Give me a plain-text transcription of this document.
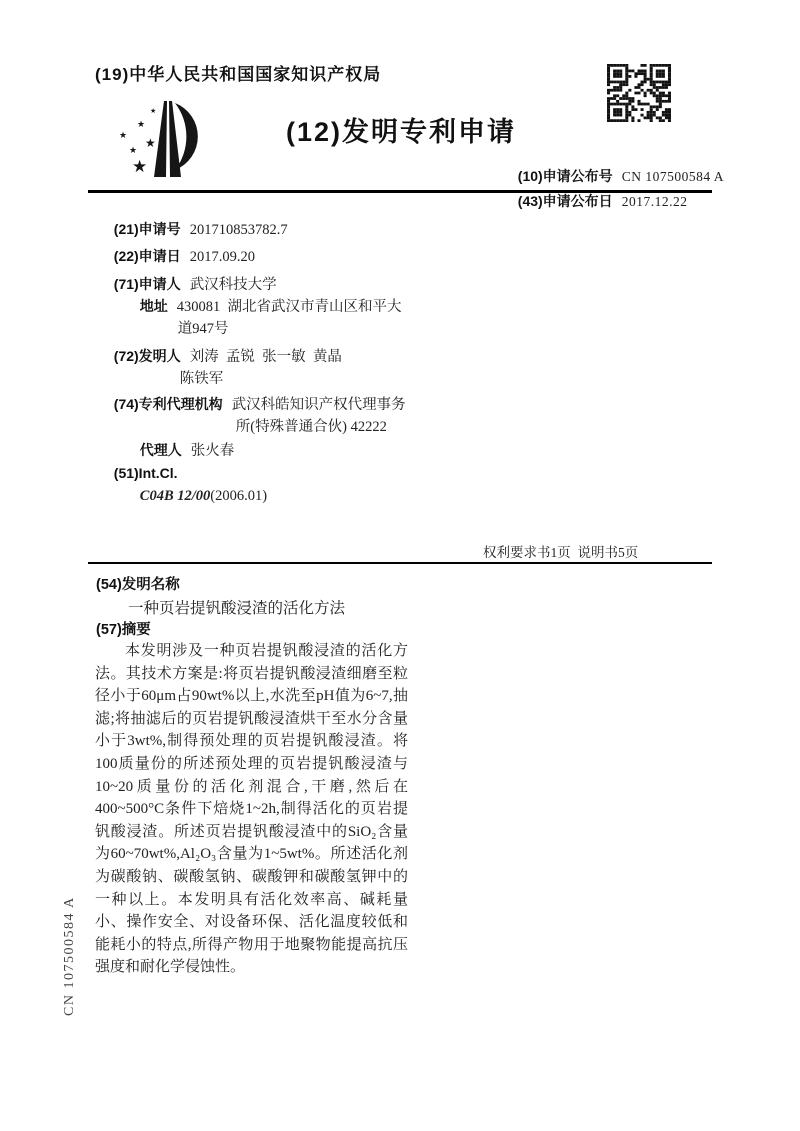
(19)中华人民共和国国家知识产权局
★
★
★
★
★
★
(12)发明专利申请

(10)申请公布号 CN 107500584 A

(43)申请公布日 2017.12.22

(21)申请号 201710853782.7

(22)申请日 2017.09.20

(71)申请人 武汉科技大学

地址 430081  湖北省武汉市青山区和平大

道947号

(72)发明人 刘涛  孟锐  张一敏  黄晶

陈铁军

(74)专利代理机构 武汉科皓知识产权代理事务

所(特殊普通合伙) 42222

代理人 张火春

(51)Int.Cl.

C04B 12/00(2006.01)

权利要求书1页  说明书5页
(54)发明名称
一种页岩提钒酸浸渣的活化方法
(57)摘要
本发明涉及一种页岩提钒酸浸渣的活化方法。其技术方案是:将页岩提钒酸浸渣细磨至粒径小于60μm占90wt%以上,水洗至pH值为6~7,抽滤;将抽滤后的页岩提钒酸浸渣烘干至水分含量小于3wt%,制得预处理的页岩提钒酸浸渣。将100质量份的所述预处理的页岩提钒酸浸渣与10~20质量份的活化剂混合,干磨,然后在400~500°C条件下焙烧1~2h,制得活化的页岩提钒酸浸渣。所述页岩提钒酸浸渣中的SiO₂含量为60~70wt%,Al₂O₃含量为1~5wt%。所述活化剂为碳酸钠、碳酸氢钠、碳酸钾和碳酸氢钾中的一种以上。本发明具有活化效率高、碱耗量小、操作安全、对设备环保、活化温度较低和能耗小的特点,所得产物用于地聚物能提高抗压强度和耐化学侵蚀性。
CN 107500584 A
